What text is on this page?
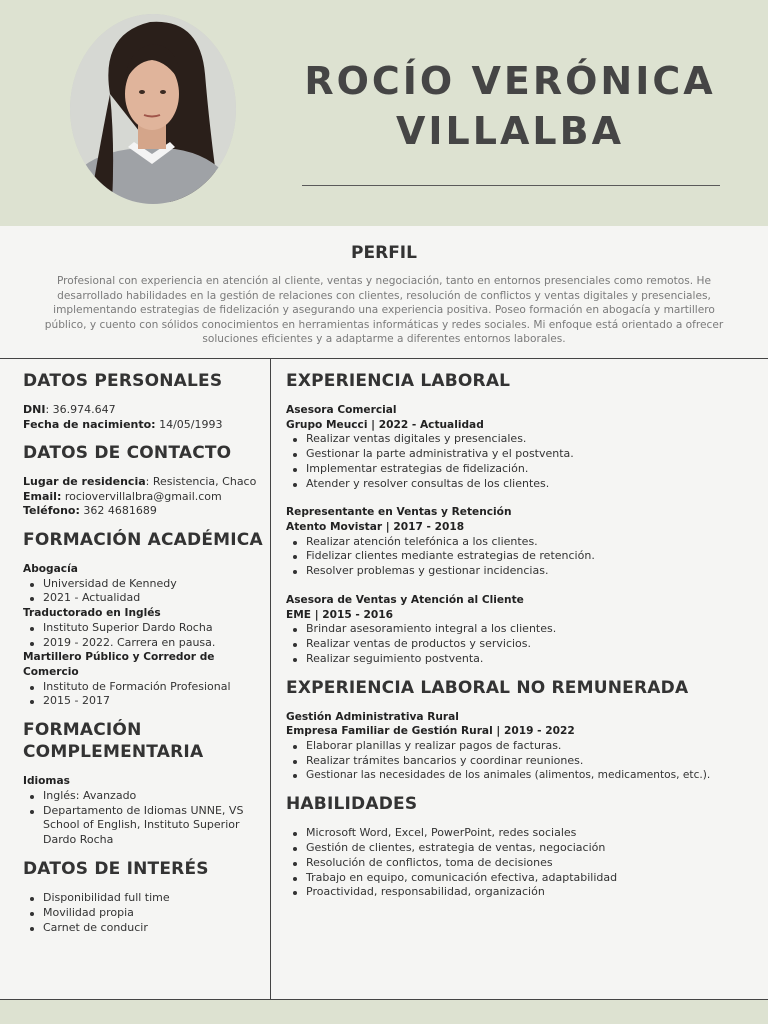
ROCÍO VERÓNICA
VILLALBA
PERFIL
Profesional con experiencia en atención al cliente, ventas y negociación, tanto en entornos presenciales como remotos. He desarrollado habilidades en la gestión de relaciones con clientes, resolución de conflictos y ventas digitales y presenciales, implementando estrategias de fidelización y asegurando una experiencia positiva. Poseo formación en abogacía y martillero público, y cuento con sólidos conocimientos en herramientas informáticas y redes sociales. Mi enfoque está orientado a ofrecer soluciones eficientes y a adaptarme a diferentes entornos laborales.
DATOS PERSONALES
DNI: 36.974.647
Fecha de nacimiento: 14/05/1993
DATOS DE CONTACTO
Lugar de residencia: Resistencia, Chaco
Email: rociovervillalbra@gmail.com
Teléfono: 362 4681689
FORMACIÓN ACADÉMICA
Abogacía
Universidad de Kennedy
2021 - Actualidad
Traductorado en Inglés
Instituto Superior Dardo Rocha
2019 - 2022. Carrera en pausa.
Martillero Público y Corredor de Comercio
Instituto de Formación Profesional
2015 - 2017
FORMACIÓN COMPLEMENTARIA
Idiomas
Inglés: Avanzado
Departamento de Idiomas UNNE, VS School of English, Instituto Superior Dardo Rocha
DATOS DE INTERÉS
Disponibilidad full time
Movilidad propia
Carnet de conducir
EXPERIENCIA LABORAL
Asesora Comercial
Grupo Meucci | 2022 - Actualidad
Realizar ventas digitales y presenciales.
Gestionar la parte administrativa y el postventa.
Implementar estrategias de fidelización.
Atender y resolver consultas de los clientes.
Representante en Ventas y Retención
Atento Movistar | 2017 - 2018
Realizar atención telefónica a los clientes.
Fidelizar clientes mediante estrategias de retención.
Resolver problemas y gestionar incidencias.
Asesora de Ventas y Atención al Cliente
EME | 2015 - 2016
Brindar asesoramiento integral a los clientes.
Realizar ventas de productos y servicios.
Realizar seguimiento postventa.
EXPERIENCIA LABORAL NO REMUNERADA
Gestión Administrativa Rural
Empresa Familiar de Gestión Rural | 2019 - 2022
Elaborar planillas y realizar pagos de facturas.
Realizar trámites bancarios y coordinar reuniones.
Gestionar las necesidades de los animales (alimentos, medicamentos, etc.).
HABILIDADES
Microsoft Word, Excel, PowerPoint, redes sociales
Gestión de clientes, estrategia de ventas, negociación
Resolución de conflictos, toma de decisiones
Trabajo en equipo, comunicación efectiva, adaptabilidad
Proactividad, responsabilidad, organización
